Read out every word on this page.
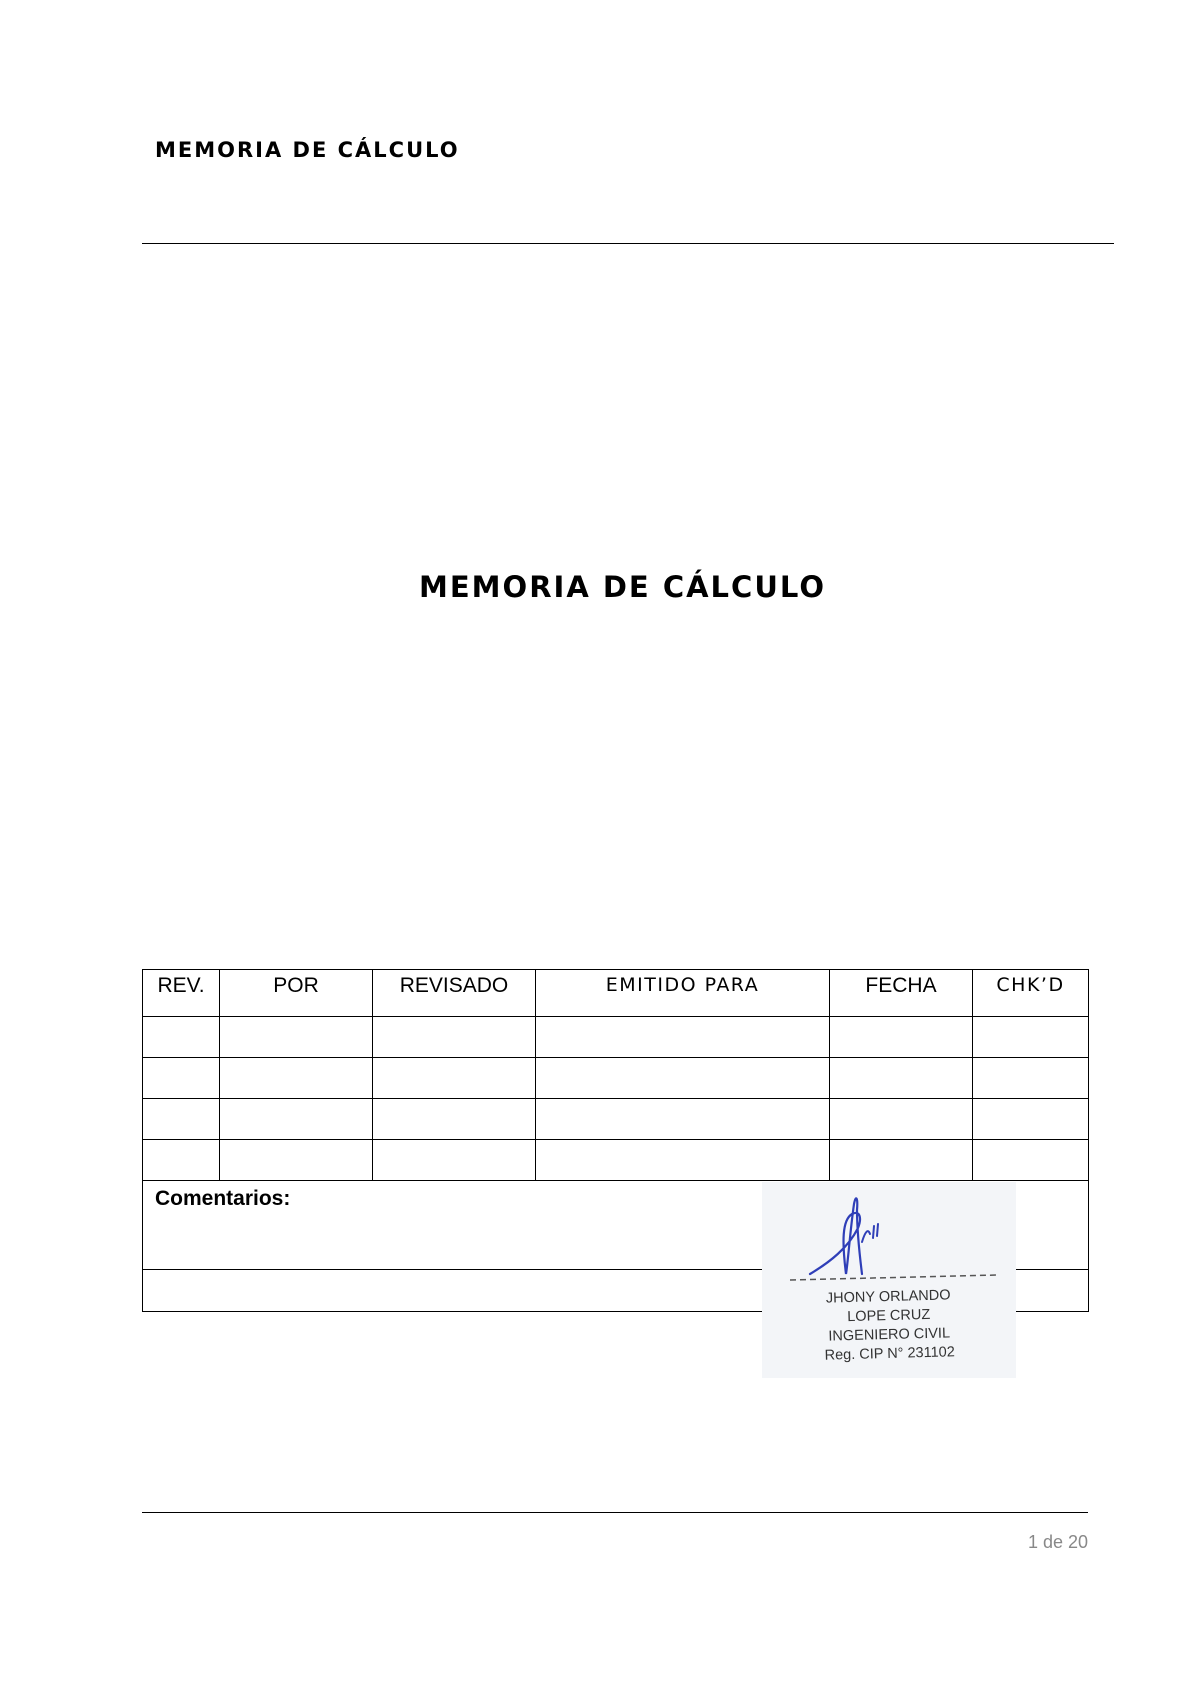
MEMORIA DE CÁLCULO
MEMORIA DE CÁLCULO
REV.	POR	REVISADO	EMITIDO PARA	FECHA	CHK’D

Comentarios:					

JHONY ORLANDO
LOPE CRUZ
INGENIERO CIVIL
Reg. CIP N° 231102
1 de 20
